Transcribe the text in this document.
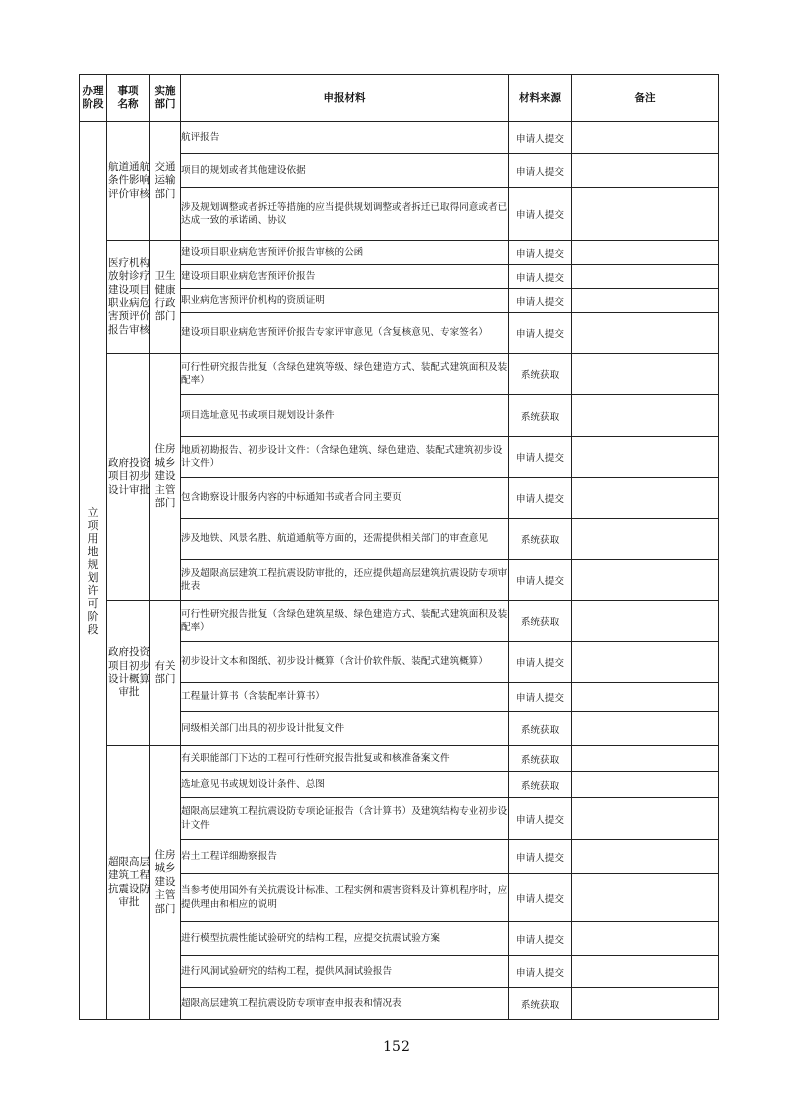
办理阶段	事项名称	实施部门	申报材料	材料来源	备注
立项用地规划许可阶段	航道通航条件影响评价审核	交通运输部门	航评报告	申请人提交	
			项目的规划或者其他建设依据	申请人提交	
			涉及规划调整或者拆迁等措施的应当提供规划调整或者拆迁已取得同意或者已达成一致的承诺函、协议	申请人提交	
	医疗机构放射诊疗建设项目职业病危害预评价报告审核	卫生健康行政部门	建设项目职业病危害预评价报告审核的公函	申请人提交	
			建设项目职业病危害预评价报告	申请人提交	
			职业病危害预评价机构的资质证明	申请人提交	
			建设项目职业病危害预评价报告专家评审意见（含复核意见、专家签名）	申请人提交	
	政府投资项目初步设计审批	住房城乡建设主管部门	可行性研究报告批复（含绿色建筑等级、绿色建造方式、装配式建筑面积及装配率）	系统获取	
			项目选址意见书或项目规划设计条件	系统获取	
			地质初勘报告、初步设计文件：（含绿色建筑、绿色建造、装配式建筑初步设计文件）	申请人提交	
			包含勘察设计服务内容的中标通知书或者合同主要页	申请人提交	
			涉及地铁、风景名胜、航道通航等方面的，还需提供相关部门的审查意见	系统获取	
			涉及超限高层建筑工程抗震设防审批的，还应提供超高层建筑抗震设防专项审批表	申请人提交	
	政府投资项目初步设计概算审批	有关部门	可行性研究报告批复（含绿色建筑星级、绿色建造方式、装配式建筑面积及装配率）	系统获取	
			初步设计文本和图纸、初步设计概算（含计价软件版、装配式建筑概算）	申请人提交	
			工程量计算书（含装配率计算书）	申请人提交	
			同级相关部门出具的初步设计批复文件	系统获取	
	超限高层建筑工程抗震设防审批	住房城乡建设主管部门	有关职能部门下达的工程可行性研究报告批复或和核准备案文件	系统获取	
			选址意见书或规划设计条件、总图	系统获取	
			超限高层建筑工程抗震设防专项论证报告（含计算书）及建筑结构专业初步设计文件	申请人提交	
			岩土工程详细勘察报告	申请人提交	
			当参考使用国外有关抗震设计标准、工程实例和震害资料及计算机程序时，应提供理由和相应的说明	申请人提交	
			进行模型抗震性能试验研究的结构工程，应提交抗震试验方案	申请人提交	
			进行风洞试验研究的结构工程，提供风洞试验报告	申请人提交	
			超限高层建筑工程抗震设防专项审查申报表和情况表	系统获取	
152
